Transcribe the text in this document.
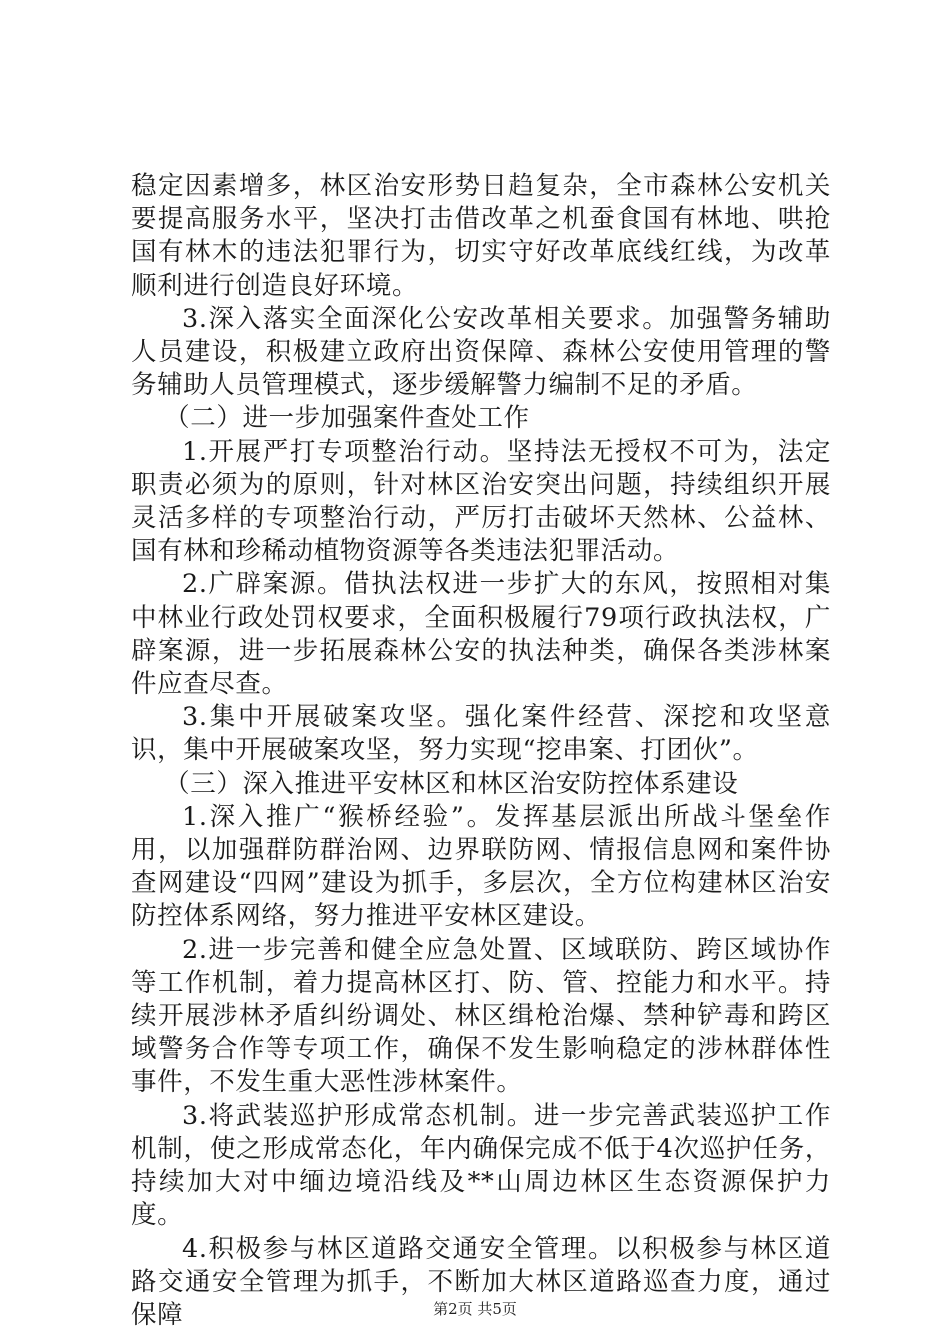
稳定因素增多，林区治安形势日趋复杂，全市森林公安机关要提高服务水平，坚决打击借改革之机蚕食国有林地、哄抢国有林木的违法犯罪行为，切实守好改革底线红线，为改革顺利进行创造良好环境。

3.深入落实全面深化公安改革相关要求。加强警务辅助人员建设，积极建立政府出资保障、森林公安使用管理的警务辅助人员管理模式，逐步缓解警力编制不足的矛盾。

（二）进一步加强案件查处工作

1.开展严打专项整治行动。坚持法无授权不可为，法定职责必须为的原则，针对林区治安突出问题，持续组织开展灵活多样的专项整治行动，严厉打击破坏天然林、公益林、国有林和珍稀动植物资源等各类违法犯罪活动。

2.广辟案源。借执法权进一步扩大的东风，按照相对集中林业行政处罚权要求，全面积极履行79项行政执法权，广辟案源，进一步拓展森林公安的执法种类，确保各类涉林案件应查尽查。

3.集中开展破案攻坚。强化案件经营、深挖和攻坚意识，集中开展破案攻坚，努力实现“挖串案、打团伙”。

（三）深入推进平安林区和林区治安防控体系建设

1.深入推广“猴桥经验”。发挥基层派出所战斗堡垒作用，以加强群防群治网、边界联防网、情报信息网和案件协查网建设“四网”建设为抓手，多层次，全方位构建林区治安防控体系网络，努力推进平安林区建设。

2.进一步完善和健全应急处置、区域联防、跨区域协作等工作机制，着力提高林区打、防、管、控能力和水平。持续开展涉林矛盾纠纷调处、林区缉枪治爆、禁种铲毒和跨区域警务合作等专项工作，确保不发生影响稳定的涉林群体性事件，不发生重大恶性涉林案件。

3.将武装巡护形成常态机制。进一步完善武装巡护工作机制，使之形成常态化，年内确保完成不低于4次巡护任务，持续加大对中缅边境沿线及**山周边林区生态资源保护力度。

4.积极参与林区道路交通安全管理。以积极参与林区道路交通安全管理为抓手，不断加大林区道路巡查力度，通过保障	第2页 共5页
